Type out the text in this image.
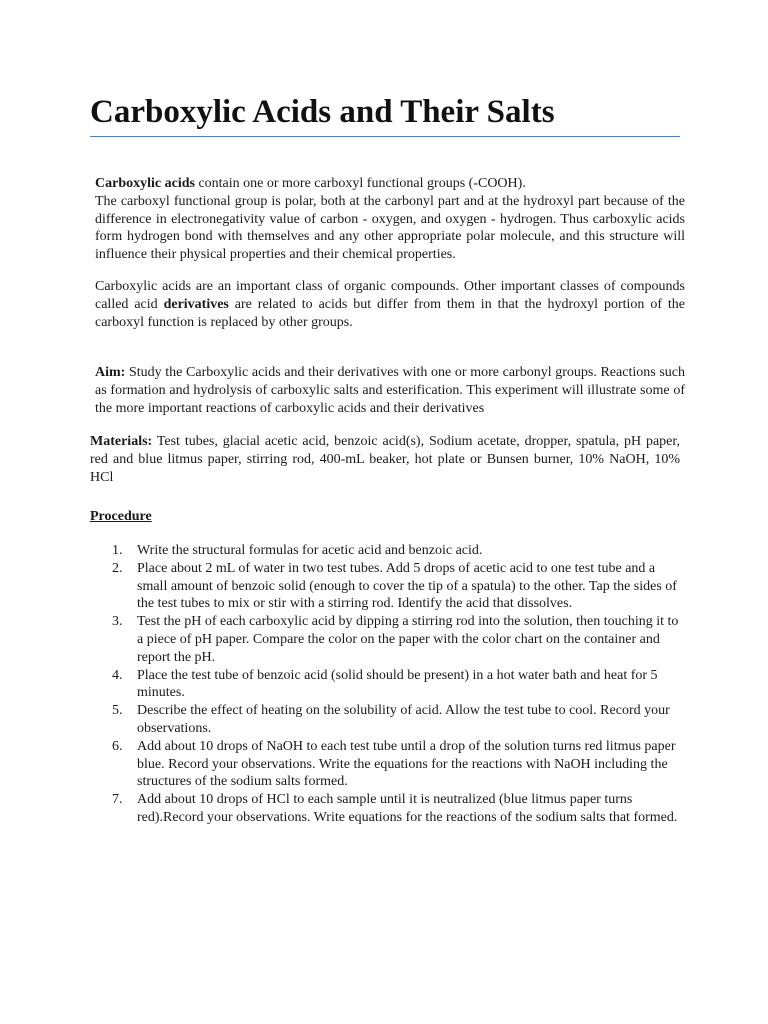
Carboxylic Acids and Their Salts

Carboxylic acids contain one or more carboxyl functional groups (-COOH).
The carboxyl functional group is polar, both at the carbonyl part and at the hydroxyl part because of the difference in electronegativity value of carbon - oxygen, and oxygen - hydrogen. Thus carboxylic acids form hydrogen bond with themselves and any other appropriate polar molecule, and this structure will influence their physical properties and their chemical properties.

Carboxylic acids are an important class of organic compounds. Other important classes of compounds called acid derivatives are related to acids but differ from them in that the hydroxyl portion of the carboxyl function is replaced by other groups.

Aim: Study the Carboxylic acids and their derivatives with one or more carbonyl groups. Reactions such as formation and hydrolysis of carboxylic salts and esterification. This experiment will illustrate some of the more important reactions of carboxylic acids and their derivatives

Materials: Test tubes, glacial acetic acid, benzoic acid(s), Sodium acetate, dropper, spatula, pH paper, red and blue litmus paper, stirring rod, 400-mL beaker, hot plate or Bunsen burner, 10% NaOH, 10% HCl

Procedure

1.	Write the structural formulas for acetic acid and benzoic acid.
2.	Place about 2 mL of water in two test tubes. Add 5 drops of acetic acid to one test tube and a small amount of benzoic solid (enough to cover the tip of a spatula) to the other. Tap the sides of the test tubes to mix or stir with a stirring rod. Identify the acid that dissolves.
3.	Test the pH of each carboxylic acid by dipping a stirring rod into the solution, then touching it to a piece of pH paper. Compare the color on the paper with the color chart on the container and report the pH.
4.	Place the test tube of benzoic acid (solid should be present) in a hot water bath and heat for 5 minutes.
5.	Describe the effect of heating on the solubility of acid. Allow the test tube to cool. Record your observations.
6.	Add about 10 drops of NaOH to each test tube until a drop of the solution turns red litmus paper blue. Record your observations. Write the equations for the reactions with NaOH including the structures of the sodium salts formed.
7.	Add about 10 drops of HCl to each sample until it is neutralized (blue litmus paper turns red).Record your observations. Write equations for the reactions of the sodium salts that formed.
